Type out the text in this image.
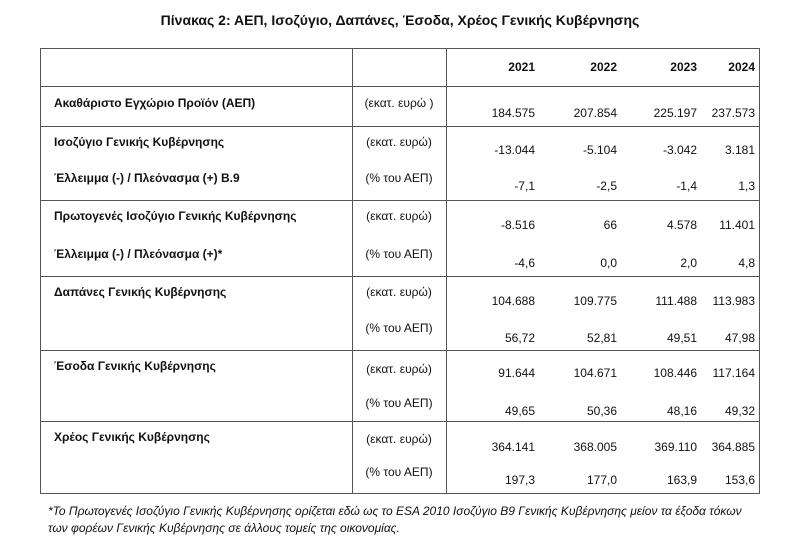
Πίνακας 2: ΑΕΠ, Ισοζύγιο, Δαπάνες, Έσοδα, Χρέος Γενικής Κυβέρνησης
2021	2022	2023	2024
Ακαθάριστο Εγχώριο Προϊόν (ΑΕΠ)	(εκατ. ευρώ )
184.575	207.854	225.197	237.573
Ισοζύγιο Γενικής Κυβέρνησης	(εκατ. ευρώ)
-13.044	-5.104	-3.042	3.181
Έλλειμμα (-) / Πλεόνασμα (+) Β.9	(% του ΑΕΠ)
-7,1	-2,5	-1,4	1,3
Πρωτογενές Ισοζύγιο Γενικής Κυβέρνησης	(εκατ. ευρώ)
-8.516	66	4.578	11.401
Έλλειμμα (-) / Πλεόνασμα (+)*	(% του ΑΕΠ)
-4,6	0,0	2,0	4,8
Δαπάνες Γενικής Κυβέρνησης	(εκατ. ευρώ)
104.688	109.775	111.488	113.983
(% του ΑΕΠ)
56,72	52,81	49,51	47,98
Έσοδα Γενικής Κυβέρνησης	(εκατ. ευρώ)	91.644	104.671	108.446	117.164
(% του ΑΕΠ)
49,65	50,36	48,16	49,32
Χρέος Γενικής Κυβέρνησης	(εκατ. ευρώ)
364.141	368.005	369.110	364.885
(% του ΑΕΠ)
197,3	177,0	163,9	153,6
*Το Πρωτογενές Ισοζύγιο Γενικής Κυβέρνησης ορίζεται εδώ ως το ESA 2010 Ισοζύγιο Β9 Γενικής Κυβέρνησης μείον τα έξοδα τόκων των φορέων Γενικής Κυβέρνησης σε άλλους τομείς της οικονομίας.
